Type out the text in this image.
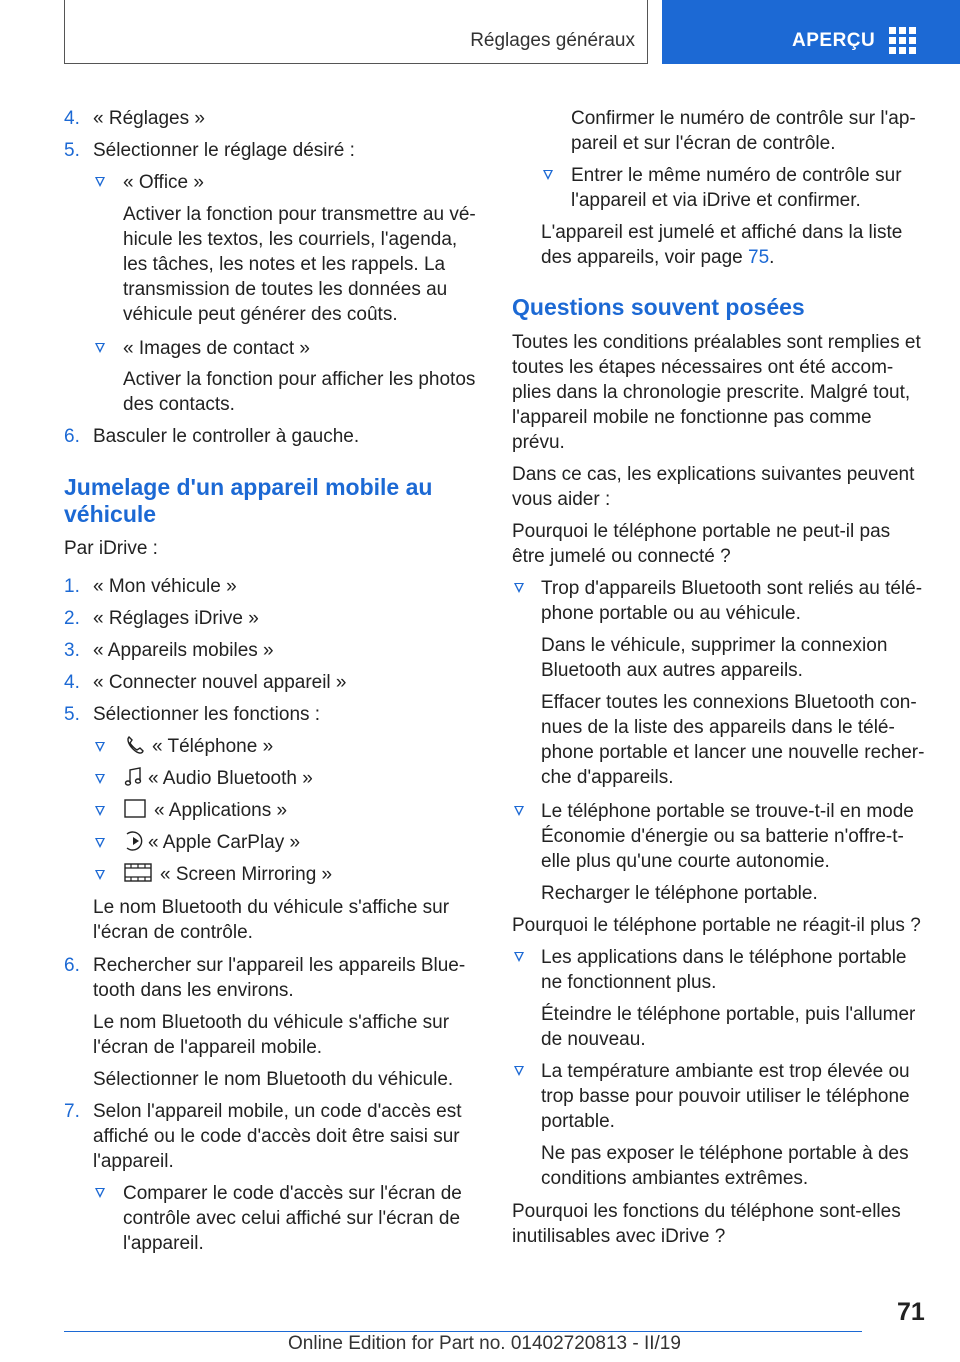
Réglages généraux	APERÇU
4. « Réglages »
5. Sélectionner le réglage désiré :
« Office »
Activer la fonction pour transmettre au vé-
hicule les textos, les courriels, l'agenda,
les tâches, les notes et les rappels. La
transmission de toutes les données au
véhicule peut générer des coûts.
« Images de contact »
Activer la fonction pour afficher les photos
des contacts.
6. Basculer le controller à gauche.
Jumelage d'un appareil mobile au
véhicule
Par iDrive :
1. « Mon véhicule »
2. « Réglages iDrive »
3. « Appareils mobiles »
4. « Connecter nouvel appareil »
5. Sélectionner les fonctions :
« Téléphone »
« Audio Bluetooth »
« Applications »
« Apple CarPlay »
« Screen Mirroring »
Le nom Bluetooth du véhicule s'affiche sur
l'écran de contrôle.
6. Rechercher sur l'appareil les appareils Blue-
tooth dans les environs.
Le nom Bluetooth du véhicule s'affiche sur
l'écran de l'appareil mobile.
Sélectionner le nom Bluetooth du véhicule.
7. Selon l'appareil mobile, un code d'accès est
affiché ou le code d'accès doit être saisi sur
l'appareil.
Comparer le code d'accès sur l'écran de
contrôle avec celui affiché sur l'écran de
l'appareil.
Confirmer le numéro de contrôle sur l'ap-
pareil et sur l'écran de contrôle.
Entrer le même numéro de contrôle sur
l'appareil et via iDrive et confirmer.
L'appareil est jumelé et affiché dans la liste
des appareils, voir page 75.
Questions souvent posées
Toutes les conditions préalables sont remplies et
toutes les étapes nécessaires ont été accom-
plies dans la chronologie prescrite. Malgré tout,
l'appareil mobile ne fonctionne pas comme
prévu.
Dans ce cas, les explications suivantes peuvent
vous aider :
Pourquoi le téléphone portable ne peut-il pas
être jumelé ou connecté ?
Trop d'appareils Bluetooth sont reliés au télé-
phone portable ou au véhicule.
Dans le véhicule, supprimer la connexion
Bluetooth aux autres appareils.
Effacer toutes les connexions Bluetooth con-
nues de la liste des appareils dans le télé-
phone portable et lancer une nouvelle recher-
che d'appareils.
Le téléphone portable se trouve-t-il en mode
Économie d'énergie ou sa batterie n'offre-t-
elle plus qu'une courte autonomie.
Recharger le téléphone portable.
Pourquoi le téléphone portable ne réagit-il plus ?
Les applications dans le téléphone portable
ne fonctionnent plus.
Éteindre le téléphone portable, puis l'allumer
de nouveau.
La température ambiante est trop élevée ou
trop basse pour pouvoir utiliser le téléphone
portable.
Ne pas exposer le téléphone portable à des
conditions ambiantes extrêmes.
Pourquoi les fonctions du téléphone sont-elles
inutilisables avec iDrive ?
71
Online Edition for Part no. 01402720813 - II/19
